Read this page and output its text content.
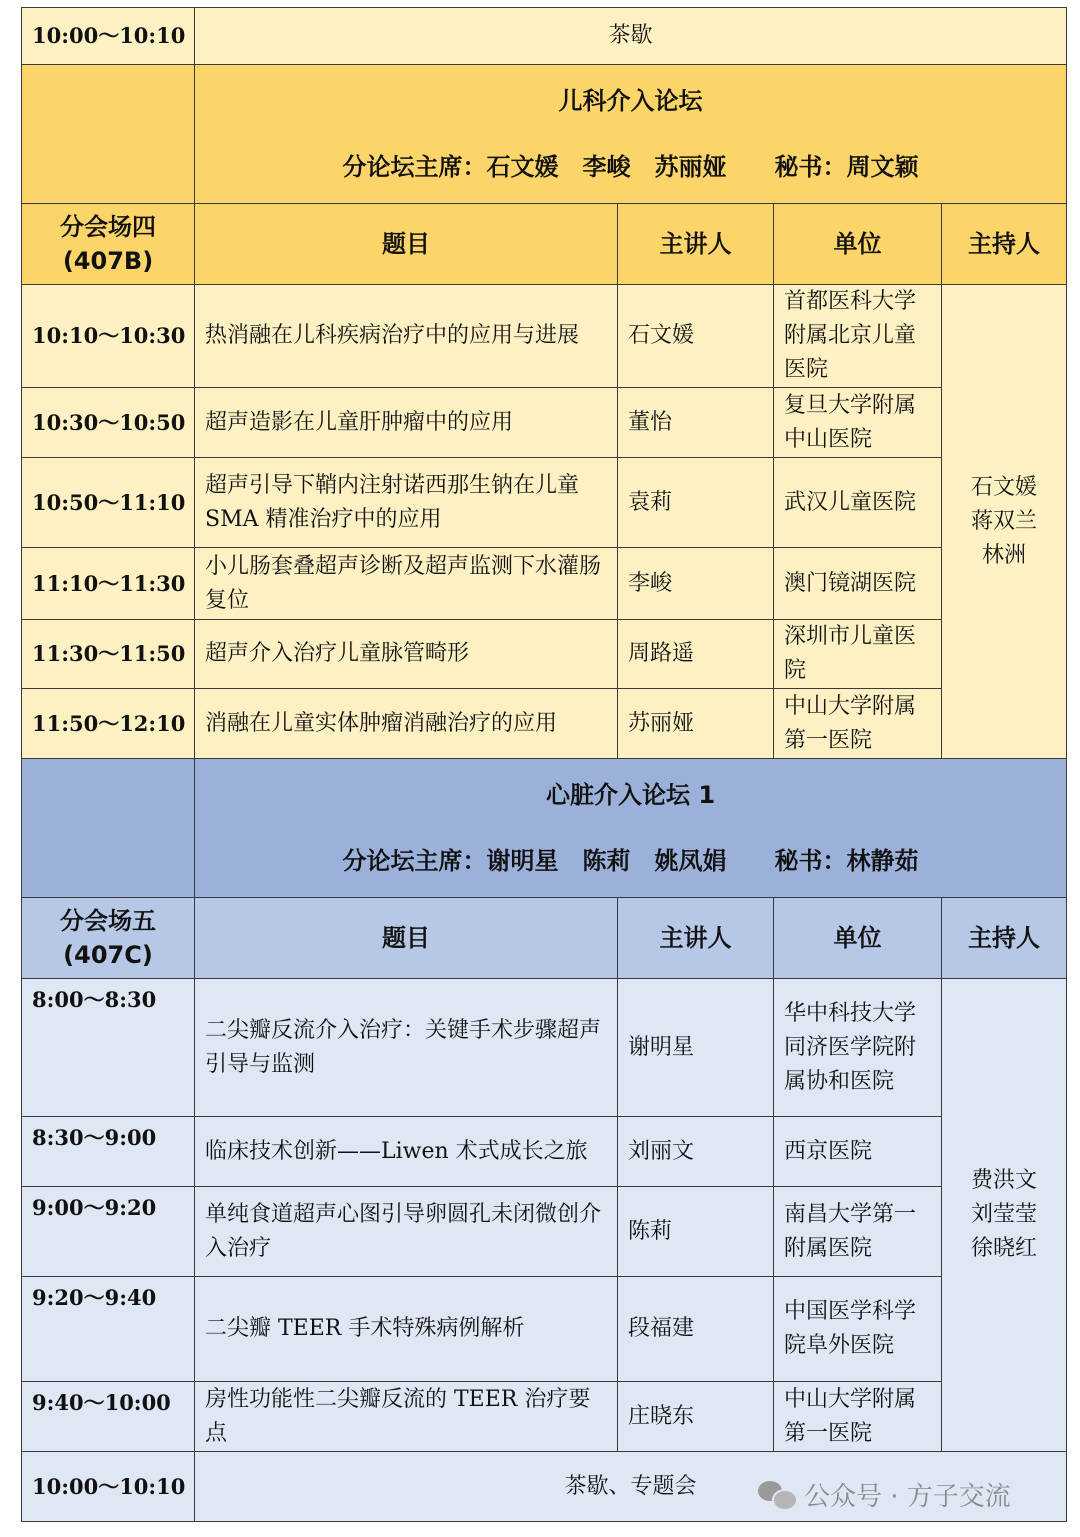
10:00～10:10	茶歇			

	儿科介入论坛
分论坛主席：石文媛　李峻　苏丽娅　　秘书：周文颖			

分会场四
(407B)	题目	主讲人	单位	主持人
10:10～10:30	热消融在儿科疾病治疗中的应用与进展	石文媛	首都医科大学附属北京儿童医院	石文媛
蒋双兰
林洲

10:30～10:50	超声造影在儿童肝肿瘤中的应用	董怡	复旦大学附属中山医院	
10:50～11:10	超声引导下鞘内注射诺西那生钠在儿童 SMA 精准治疗中的应用	袁莉	武汉儿童医院	
11:10～11:30	小儿肠套叠超声诊断及超声监测下水灌肠复位	李峻	澳门镜湖医院	
11:30～11:50	超声介入治疗儿童脉管畸形	周路遥	深圳市儿童医院	
11:50～12:10	消融在儿童实体肿瘤消融治疗的应用	苏丽娅	中山大学附属第一医院	

	心脏介入论坛 1
分论坛主席：谢明星　陈莉　姚凤娟　　秘书：林静茹			

分会场五
(407C)	题目	主讲人	单位	主持人
8:00～8:30	二尖瓣反流介入治疗：关键手术步骤超声引导与监测	谢明星	华中科技大学同济医学院附属协和医院	费洪文
刘莹莹
徐晓红

8:30～9:00	临床技术创新——Liwen 术式成长之旅	刘丽文	西京医院	
9:00～9:20	单纯食道超声心图引导卵圆孔未闭微创介入治疗	陈莉	南昌大学第一附属医院	
9:20～9:40	二尖瓣 TEER 手术特殊病例解析	段福建	中国医学科学院阜外医院	
9:40～10:00	房性功能性二尖瓣反流的 TEER 治疗要点	庄晓东	中山大学附属第一医院	
10:00～10:10	茶歇、专题会				公众号 · 方子交流
